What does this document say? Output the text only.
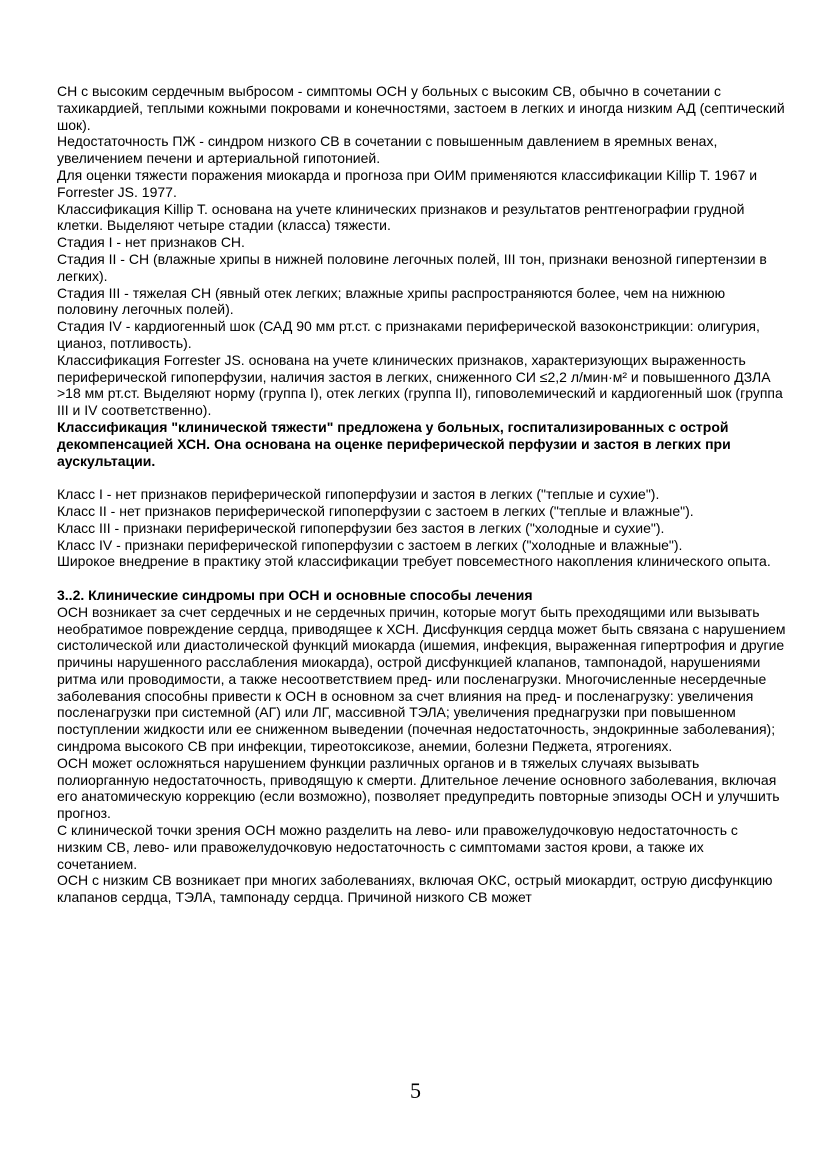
СН с высоким сердечным выбросом - симптомы ОСН у больных с высоким СВ, обычно в сочетании с тахикардией, теплыми кожными покровами и конечностями, застоем в легких и иногда низким АД (септический шок).

Недостаточность ПЖ - синдром низкого СВ в сочетании с повышенным давлением в яремных венах, увеличением печени и артериальной гипотонией.

Для оценки тяжести поражения миокарда и прогноза при ОИМ применяются классификации Killip T. 1967 и Forrester JS. 1977.

Классификация Killip T. основана на учете клинических признаков и результатов рентгенографии грудной клетки. Выделяют четыре стадии (класса) тяжести.

Стадия I - нет признаков СН.

Стадия II - СН (влажные хрипы в нижней половине легочных полей, III тон, признаки венозной гипертензии в легких).

Стадия III - тяжелая СН (явный отек легких; влажные хрипы распространяются более, чем на нижнюю половину легочных полей).

Стадия IV - кардиогенный шок (САД 90 мм рт.ст. с признаками периферической вазоконстрикции: олигурия, цианоз, потливость).

Классификация Forrester JS. основана на учете клинических признаков, характеризующих выраженность периферической гипоперфузии, наличия застоя в легких, сниженного СИ ≤2,2 л/мин·м² и повышенного ДЗЛА >18 мм рт.ст. Выделяют норму (группа I), отек легких (группа II), гиповолемический и кардиогенный шок (группа III и IV соответственно).

Классификация "клинической тяжести" предложена у больных, госпитализированных с острой декомпенсацией ХСН. Она основана на оценке периферической перфузии и застоя в легких при аускультации.

Класс I - нет признаков периферической гипоперфузии и застоя в легких ("теплые и сухие").

Класс II - нет признаков периферической гипоперфузии с застоем в легких ("теплые и влажные").

Класс III - признаки периферической гипоперфузии без застоя в легких ("холодные и сухие").

Класс IV - признаки периферической гипоперфузии с застоем в легких ("холодные и влажные").

Широкое внедрение в практику этой классификации требует повсеместного накопления клинического опыта.

3..2. Клинические синдромы при ОСН и основные способы лечения

ОСН возникает за счет сердечных и не сердечных причин, которые могут быть преходящими или вызывать необратимое повреждение сердца, приводящее к ХСН. Дисфункция сердца может быть связана с нарушением систолической или диастолической функций миокарда (ишемия, инфекция, выраженная гипертрофия и другие причины нарушенного расслабления миокарда), острой дисфункцией клапанов, тампонадой, нарушениями ритма или проводимости, а также несоответствием пред- или посленагрузки. Многочисленные несердечные заболевания способны привести к ОСН в основном за счет влияния на пред- и посленагрузку: увеличения посленагрузки при системной (АГ) или ЛГ, массивной ТЭЛА; увеличения преднагрузки при повышенном поступлении жидкости или ее сниженном выведении (почечная недостаточность, эндокринные заболевания); синдрома высокого СВ при инфекции, тиреотоксикозе, анемии, болезни Педжета, ятрогениях.

ОСН может осложняться нарушением функции различных органов и в тяжелых случаях вызывать полиорганную недостаточность, приводящую к смерти. Длительное лечение основного заболевания, включая его анатомическую коррекцию (если возможно), позволяет предупредить повторные эпизоды ОСН и улучшить прогноз.

С клинической точки зрения ОСН можно разделить на лево- или правожелудочковую недостаточность с низким СВ, лево- или правожелудочковую недостаточность с симптомами застоя крови, а также их сочетанием.

ОСН с низким СВ возникает при многих заболеваниях, включая ОКС, острый миокардит, острую дисфункцию клапанов сердца, ТЭЛА, тампонаду сердца. Причиной низкого СВ может

5
